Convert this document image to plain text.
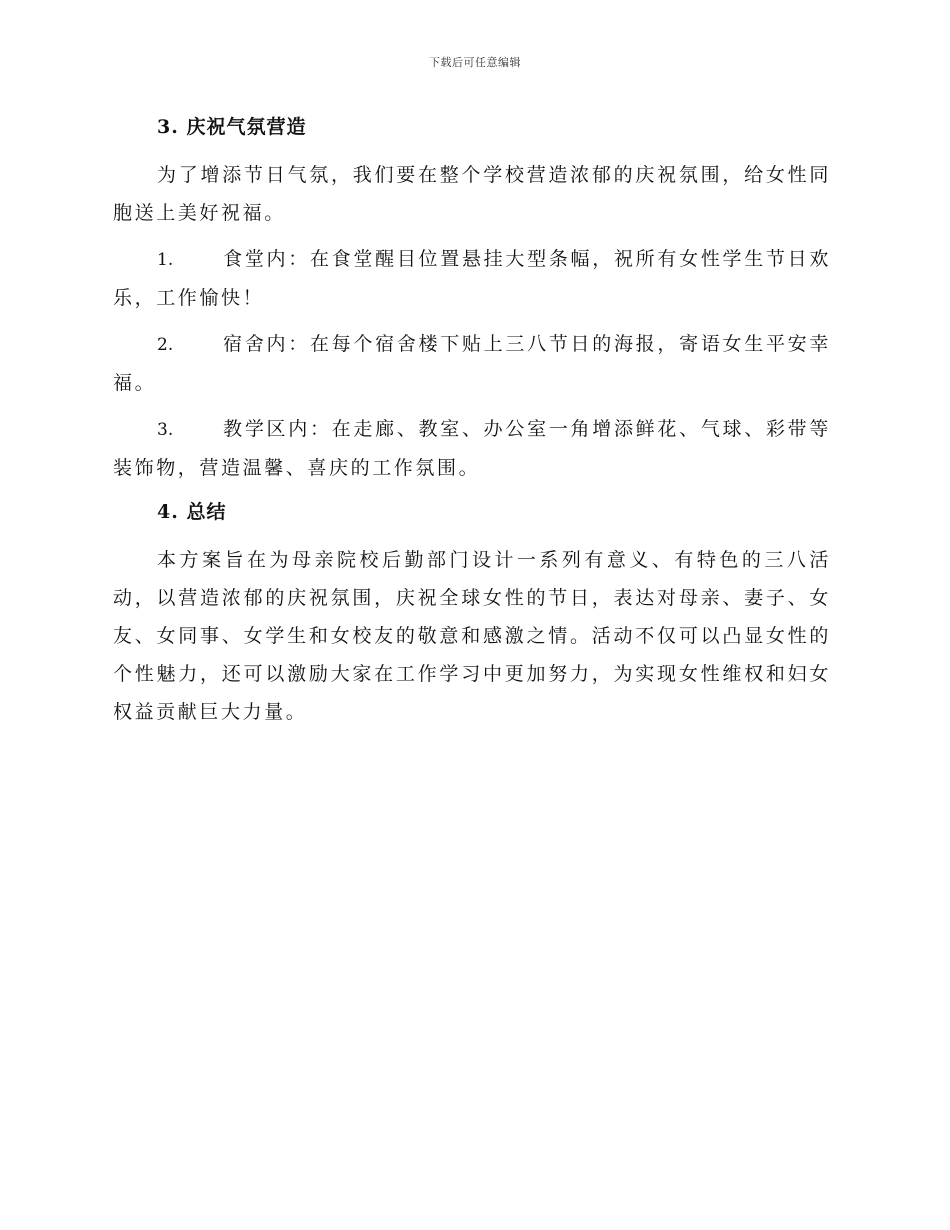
下载后可任意编辑
3. 庆祝气氛营造

为了增添节日气氛，我们要在整个学校营造浓郁的庆祝氛围，给女性同胞送上美好祝福。

1.	食堂内：在食堂醒目位置悬挂大型条幅，祝所有女性学生节日欢乐，工作愉快！

2.	宿舍内：在每个宿舍楼下贴上三八节日的海报，寄语女生平安幸福。

3.	教学区内：在走廊、教室、办公室一角增添鲜花、气球、彩带等装饰物，营造温馨、喜庆的工作氛围。

4. 总结

本方案旨在为母亲院校后勤部门设计一系列有意义、有特色的三八活动，以营造浓郁的庆祝氛围，庆祝全球女性的节日，表达对母亲、妻子、女友、女同事、女学生和女校友的敬意和感激之情。活动不仅可以凸显女性的个性魅力，还可以激励大家在工作学习中更加努力，为实现女性维权和妇女权益贡献巨大力量。
